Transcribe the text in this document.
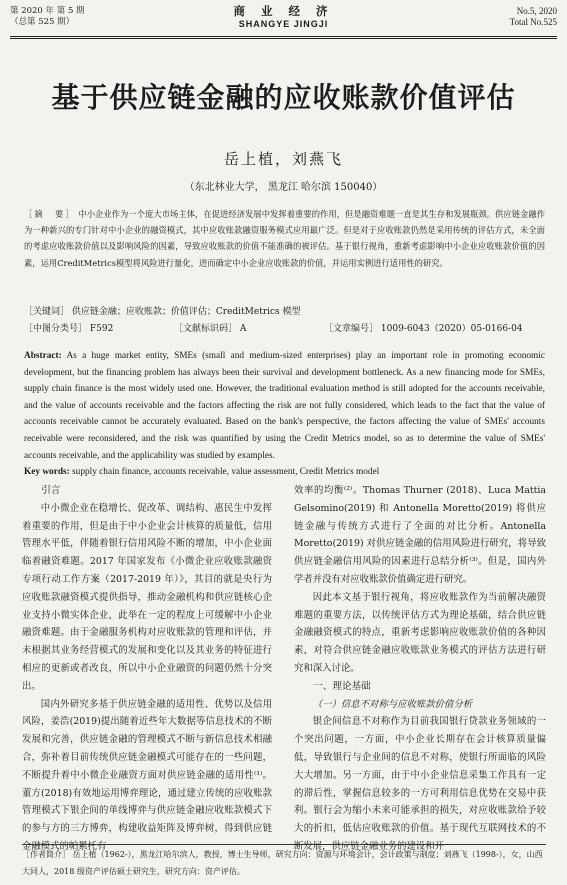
第 2020 年 第 5 期
（总第 525 期）
商 业 经 济
SHANGYE JINGJI
No.5, 2020
Total No.525
基于供应链金融的应收账款价值评估
岳上植，刘燕飞
（东北林业大学， 黑龙江 哈尔滨 150040）
［摘　要］ 中小企业作为一个庞大市场主体，在促进经济发展中发挥着重要的作用，但是融资难题一直是其生存和发展瓶颈。供应链金融作为一种新兴的专门针对中小企业的融资模式，其中应收账款融资服务模式应用最广泛。但是对于应收账款仍然是采用传统的评估方式，未全面的考虑应收账款价值以及影响风险的因素，导致应收账款的价值不能准确的被评估。基于银行视角，重新考虑影响中小企业应收账款价值的因素，运用CreditMetrics模型将风险进行量化，进而确定中小企业应收账款的价值，并运用实例进行适用性的研究。
［关键词］ 供应链金融；应收账款；价值评估；CreditMetrics 模型
［中图分类号］ F592	［文献标识码］ A	［文章编号］ 1009-6043（2020）05-0166-04
Abstract: As a huge market entity, SMEs (small and medium-sized enterprises) play an important role in promoting economic development, but the financing problem has always been their survival and development bottleneck. As a new financing mode for SMEs, supply chain finance is the most widely used one. However, the traditional evaluation method is still adopted for the accounts receivable, and the value of accounts receivable and the factors affecting the risk are not fully considered, which leads to the fact that the value of accounts receivable cannot be accurately evaluated. Based on the bank's perspective, the factors affecting the value of SMEs' accounts receivable were reconsidered, and the risk was quantified by using the Credit Metrics model, so as to determine the value of SMEs' accounts receivable, and the applicability was studied by examples.
Key words: supply chain finance, accounts receivable, value assessment, Credit Metrics model

引言

中小微企业在稳增长、促改革、调结构、惠民生中发挥着重要的作用，但是由于中小企业会计核算的质量低，信用管理水平低，伴随着银行信用风险不断的增加，中小企业面临着融资难题。2017 年国家发布《小微企业应收账款融资专项行动工作方案（2017-2019 年）》，其目的就是央行为应收账款融资模式提供指导，推动金融机构和供应链核心企业支持小微实体企业，此举在一定的程度上可缓解中小企业融资难题。由于金融服务机构对应收账款的管理和评估，并未根据其业务经营模式的发展和变化以及其业务的特征进行相应的更新或者改良，所以中小企业融资的问题仍然十分突出。

国内外研究多基于供应链金融的适用性、优势以及信用风险，姜浩(2019)提出随着近些年大数据等信息技术的不断发展和完善，供应链金融的管理模式不断与新信息技术相融合，弥补着目前传统供应链金融模式可能存在的一些问题，不断提升着中小微企业融资方面对供应链金融的适用性⁽¹⁾。董方(2018)有效地运用博弈理论，通过建立传统的应收账款管理模式下银企间的单线博弈与供应链金融应收账款模式下的参与方的三方博弈，构建收益矩阵及博弈树，得到供应链金融模式的帕累托有

效率的均衡⁽²⁾。Thomas Thurner (2018)、Luca Mattia Gelsomino(2019) 和 Antonella Moretto(2019) 将供应链金融与传统方式进行了全面的对比分析。Antonella Moretto(2019) 对供应链金融的信用风险进行研究，将导致供应链金融信用风险的因素进行总结分析⁽³⁾。但是，国内外学者并没有对应收账款价值确定进行研究。

因此本文基于银行视角，将应收账款作为当前解决融资难题的重要方法，以传统评估方式为理论基础，结合供应链金融融资模式的特点，重新考虑影响应收账款价值的各种因素，对符合供应链金融应收账款业务模式的评估方法进行研究和深入讨论。

一、理论基础

（一）信息不对称与应收账款价值分析

银企间信息不对称作为目前我国银行贷款业务领域的一个突出问题，一方面，中小企业长期存在会计核算质量偏低，导致银行与企业间的信息不对称，使银行所面临的风险大大增加。另一方面，由于中小企业信息采集工作具有一定的滞后性，掌握信息较多的一方可利用信息优势在交易中获利。银行会为缩小未来可能承担的损失，对应收账款给予较大的折扣，低估应收账款的价值。基于现代互联网技术的不断发展，供应链金融业务的建设和开

［作者简介］ 岳上植（1962-），黑龙江哈尔滨人，教授，博士生导师，研究方向：资源与环境会计，会计政策与制度；刘燕飞（1998-），女，山西大同人，2018 级资产评估硕士研究生，研究方向：资产评估。
